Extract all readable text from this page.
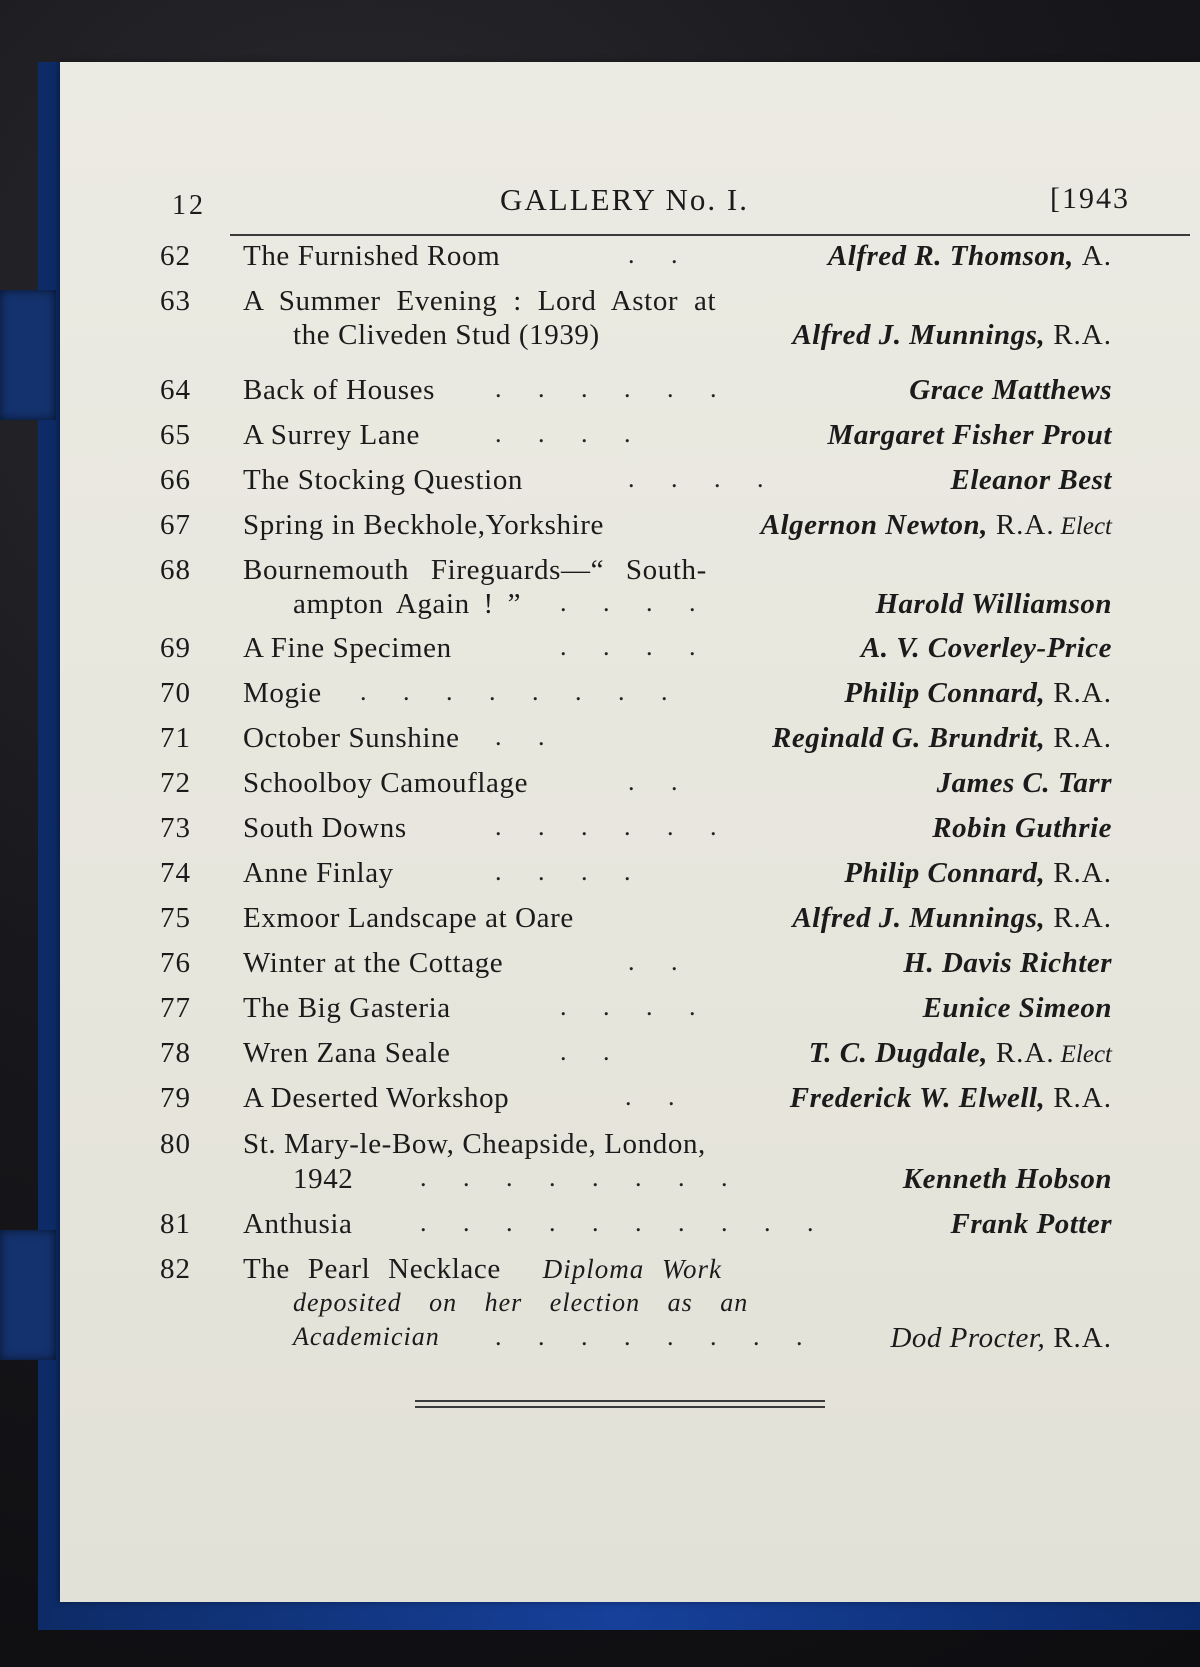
12	GALLERY No. I.	[1943
62	The Furnished Room	. .	Alfred R. Thomson, A.
63	A Summer Evening : Lord Astor at
the Cliveden Stud (1939)	Alfred J. Munnings, R.A.
64	Back of Houses . . . . . .	Grace Matthews
65	A Surrey Lane	. . . .	Margaret Fisher Prout
66	The Stocking Question	. . . .	Eleanor Best
67	Spring in Beckhole,Yorkshire	Algernon Newton, R.A. Elect
68	Bournemouth Fireguards—“ South-
ampton Again ! ” . . . .	Harold Williamson
69	A Fine Specimen	. . . .	A. V. Coverley-Price
70	Mogie . . . . . . . .	Philip Connard, R.A.
71	October Sunshine . .	Reginald G. Brundrit, R.A.
72	Schoolboy Camouflage	. .	James C. Tarr
73	South Downs	. . . . . .	Robin Guthrie
74	Anne Finlay	. . . .	Philip Connard, R.A.
75	Exmoor Landscape at Oare	Alfred J. Munnings, R.A.
76	Winter at the Cottage	. .	H. Davis Richter
77	The Big Gasteria	. . . .	Eunice Simeon
78	Wren Zana Seale	. .	T. C. Dugdale, R.A. Elect
79	A Deserted Workshop	. .	Frederick W. Elwell, R.A.
80	St. Mary-le-Bow, Cheapside, London,
1942	. . . . . . . .	Kenneth Hobson
81	Anthusia	. . . . . . . . . .	Frank Potter
82	The Pearl Necklace Diploma Work
deposited on her election as an
Academician . . . . . . . .	Dod Procter, R.A.
